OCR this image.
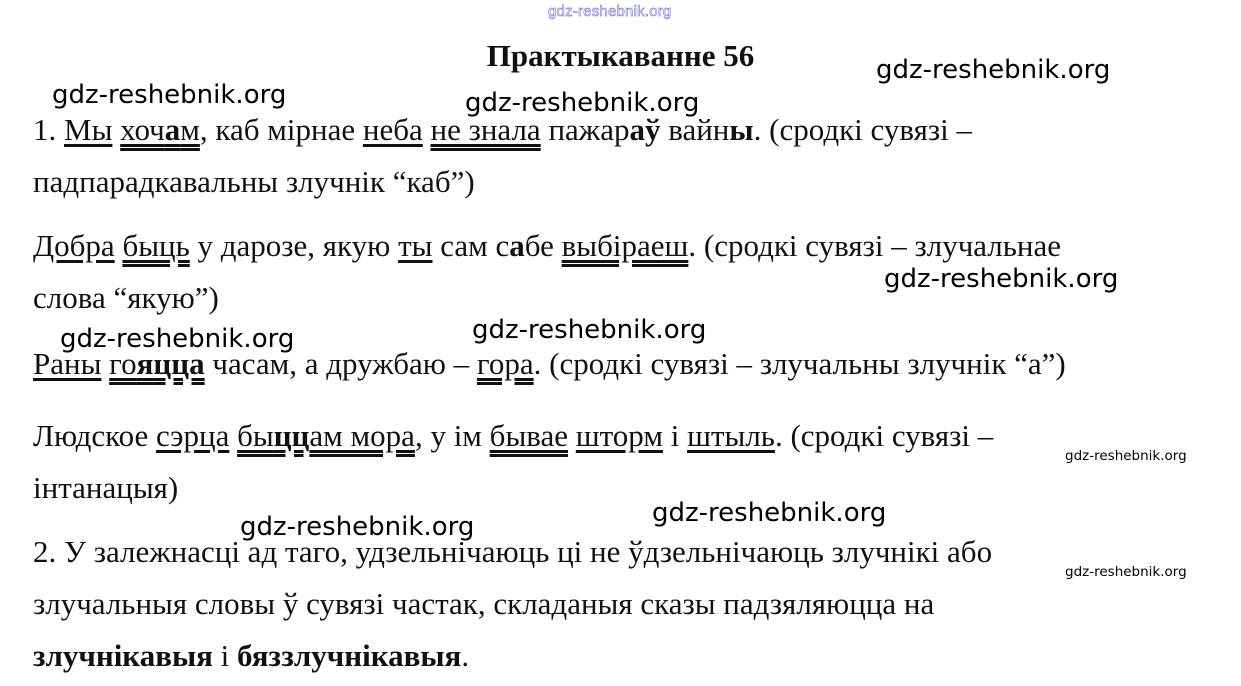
gdz-reshebnik.org
Практыкаванне 56	gdz-reshebnik.org
gdz-reshebnik.org	gdz-reshebnik.org
gdz-reshebnik.org
gdz-reshebnik.org	gdz-reshebnik.org
gdz-reshebnik.org
gdz-reshebnik.org	gdz-reshebnik.org
gdz-reshebnik.org
1. Мы хочам, каб мірнае неба не знала пажараў вайны. (сродкі сувязі –
падпарадкавальны злучнік “каб”)
Добра быць у дарозе, якую ты сам сабе выбіраеш. (сродкі сувязі – злучальнае
слова “якую”)
Раны гояцца часам, а дружбаю – гора. (сродкі сувязі – злучальны злучнік “а”)
Людское сэрца быццам мора, у ім бывае шторм і штыль. (сродкі сувязі –
інтанацыя)
2. У залежнасці ад таго, удзельнічаюць ці не ўдзельнічаюць злучнікі або
злучальныя словы ў сувязі частак, складаныя сказы падзяляюцца на
злучнікавыя і бяззлучнікавыя.
